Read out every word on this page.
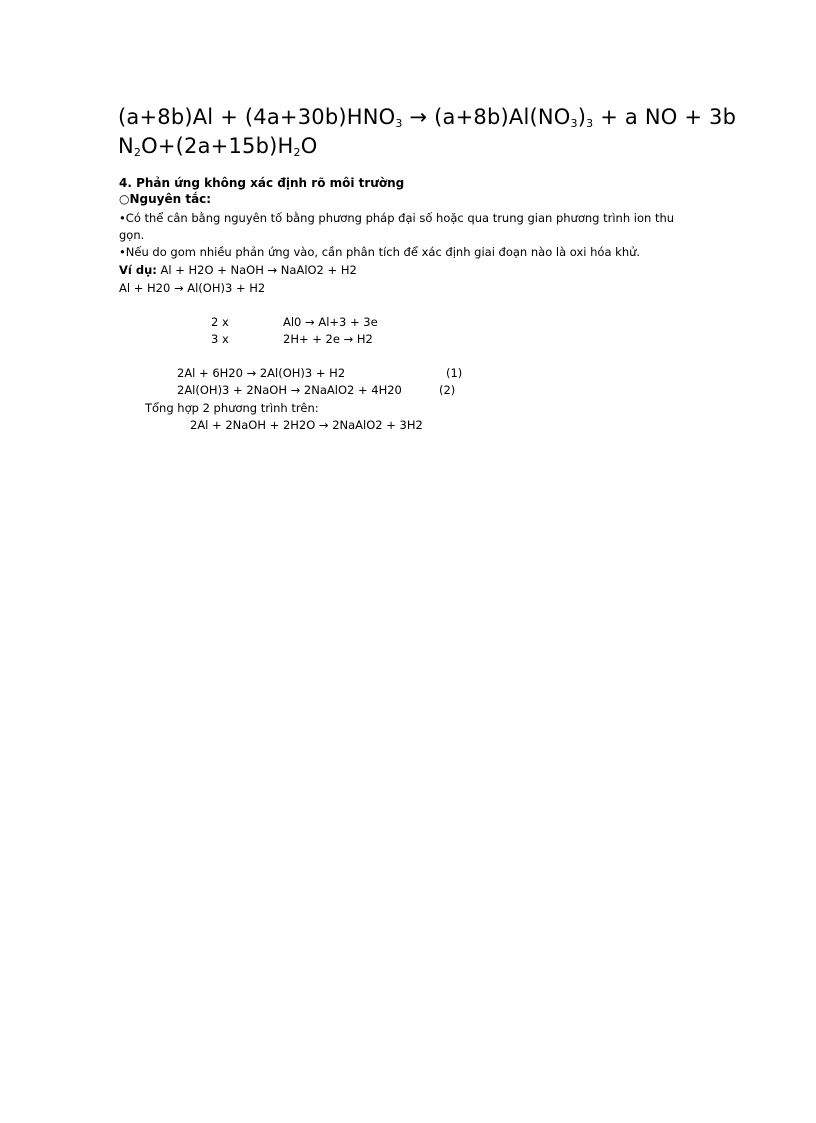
$(a+8b)Al + (4a+30b)HNO_3 \to (a+8b)Al(NO_3)_3 + a$ NO + 3b
$N_2O+(2a+15b)H_2O$
4. Phản ứng không xác định rõ môi trường
○Nguyên tắc:
•Có thể cân bằng nguyên tố bằng phương pháp đại số hoặc qua trung gian phương trình ion thu
gọn.
•Nếu do gom nhiều phản ứng vào, cần phân tích để xác định giai đoạn nào là oxi hóa khử.
Ví dụ: Al + H2O + NaOH → NaAlO2 + H2
Al + H20 → Al(OH)3 + H2
2 x	Al0 → Al+3 + 3e
3 x	2H+ + 2e → H2
2Al + 6H20 → 2Al(OH)3 + H2	(1)
2Al(OH)3 + 2NaOH → 2NaAlO2 + 4H20	(2)
Tổng hợp 2 phương trình trên:
2Al + 2NaOH + 2H2O → 2NaAlO2 + 3H2
